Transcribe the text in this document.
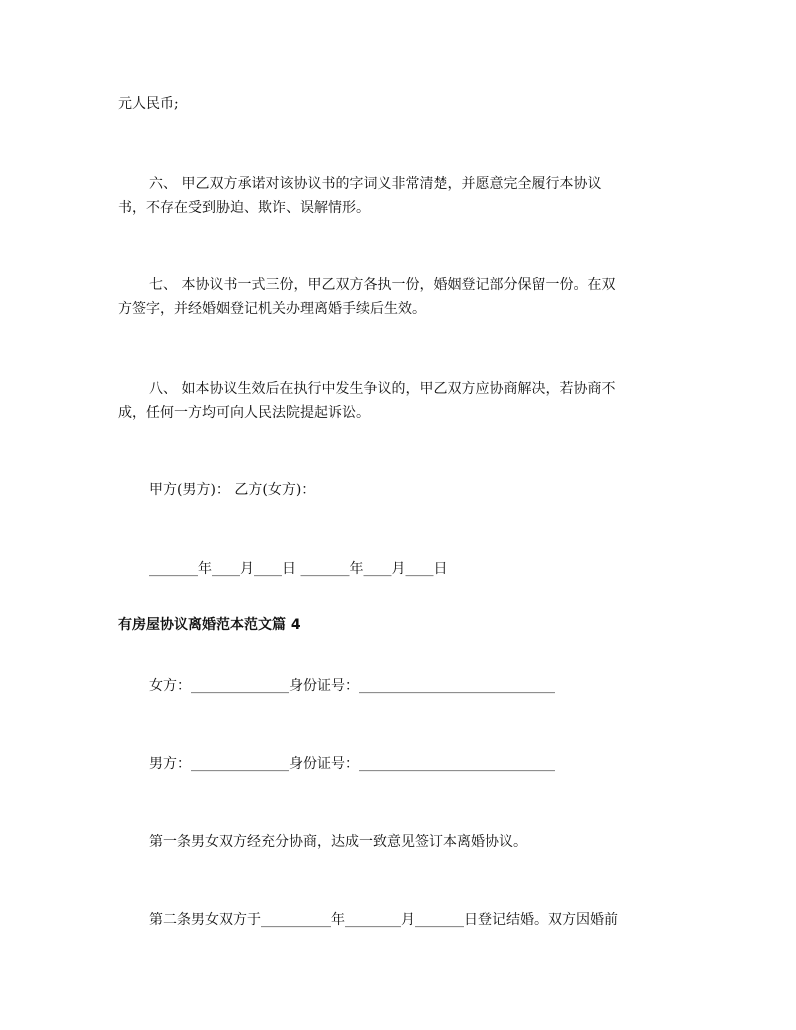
元人民币;
六、 甲乙双方承诺对该协议书的字词义非常清楚，并愿意完全履行本协议
书，不存在受到胁迫、欺诈、误解情形。
七、 本协议书一式三份，甲乙双方各执一份，婚姻登记部分保留一份。在双
方签字，并经婚姻登记机关办理离婚手续后生效。
八、 如本协议生效后在执行中发生争议的，甲乙双方应协商解决，若协商不
成，任何一方均可向人民法院提起诉讼。
甲方(男方)： 乙方(女方)：
_______年____月____日 _______年____月____日
有房屋协议离婚范本范文篇 4
女方：______________身份证号：____________________________
男方：______________身份证号：____________________________
第一条男女双方经充分协商，达成一致意见签订本离婚协议。
第二条男女双方于__________年________月_______日登记结婚。双方因婚前
